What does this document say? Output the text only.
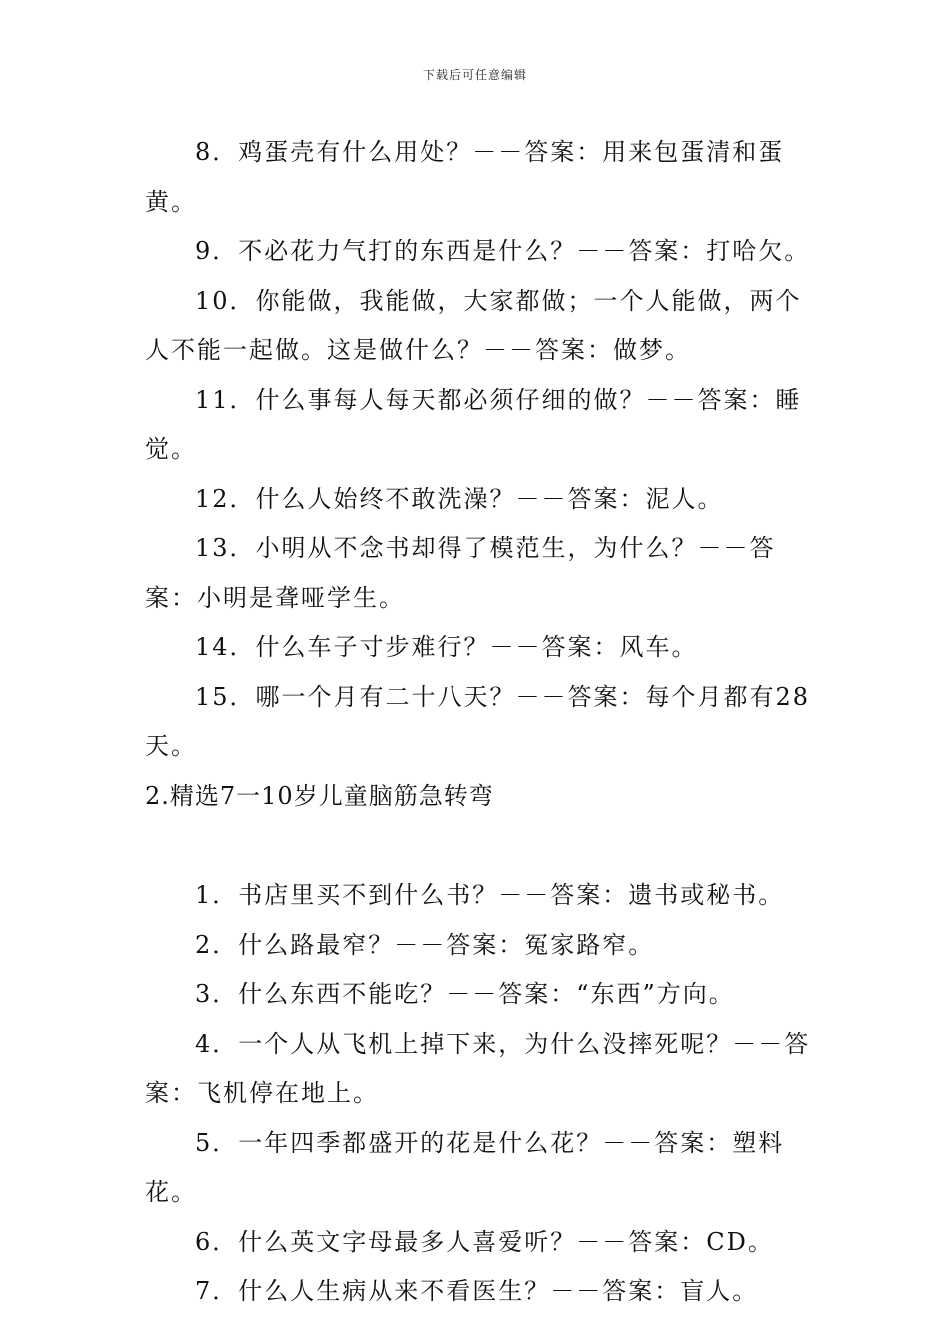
下载后可任意编辑

8．鸡蛋壳有什么用处？－－答案：用来包蛋清和蛋黄。

9．不必花力气打的东西是什么？－－答案：打哈欠。

10．你能做，我能做，大家都做；一个人能做，两个人不能一起做。这是做什么？－－答案：做梦。

11．什么事每人每天都必须仔细的做？－－答案：睡觉。

12．什么人始终不敢洗澡？－－答案：泥人。

13．小明从不念书却得了模范生，为什么？－－答案：小明是聋哑学生。

14．什么车子寸步难行？－－答案：风车。

15．哪一个月有二十八天？－－答案：每个月都有28天。

2.精选7一10岁儿童脑筋急转弯

1．书店里买不到什么书？－－答案：遗书或秘书。

2．什么路最窄？－－答案：冤家路窄。

3．什么东西不能吃？－－答案：“东西”方向。

4．一个人从飞机上掉下来，为什么没摔死呢？－－答案：飞机停在地上。

5．一年四季都盛开的花是什么花？－－答案：塑料花。

6．什么英文字母最多人喜爱听？－－答案：CD。

7．什么人生病从来不看医生？－－答案：盲人。
